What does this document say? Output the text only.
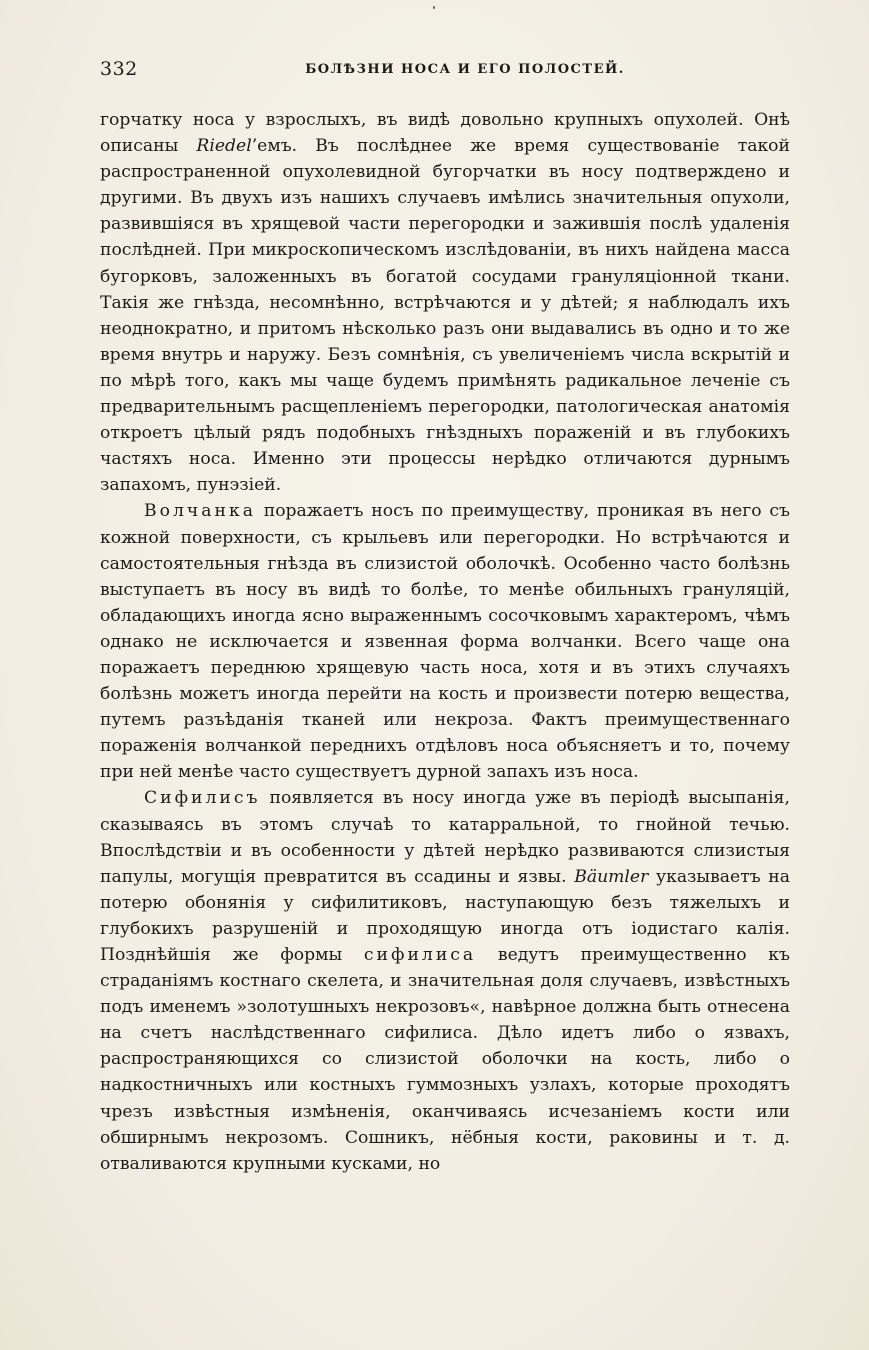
332	БОЛѢЗНИ НОСА И ЕГО ПОЛОСТЕЙ.

горчатку носа у взрослыхъ, въ видѣ довольно крупныхъ опухолей. Онѣ описаны Riedel’емъ. Въ послѣднее же время существованіе такой распространенной опухолевидной бугорчатки въ носу подтверждено и другими. Въ двухъ изъ нашихъ случаевъ имѣлись значительныя опухоли, развившіяся въ хрящевой части перегородки и зажившія послѣ удаленія послѣдней. При микроскопическомъ изслѣдованіи, въ нихъ найдена масса бугорковъ, заложенныхъ въ богатой сосудами грануляціонной ткани. Такія же гнѣзда, несомнѣнно, встрѣчаются и у дѣтей; я наблюдалъ ихъ неоднократно, и притомъ нѣсколько разъ они выдавались въ одно и то же время внутрь и наружу. Безъ сомнѣнія, съ увеличеніемъ числа вскрытій и по мѣрѣ того, какъ мы чаще будемъ примѣнять радикальное леченіе съ предварительнымъ расщепленіемъ перегородки, патологическая анатомія откроетъ цѣлый рядъ подобныхъ гнѣздныхъ пораженій и въ глубокихъ частяхъ носа. Именно эти процессы нерѣдко отличаются дурнымъ запахомъ, пунэзіей.

Волчанка поражаетъ носъ по преимуществу, проникая въ него съ кожной поверхности, съ крыльевъ или перегородки. Но встрѣчаются и самостоятельныя гнѣзда въ слизистой оболочкѣ. Особенно часто болѣзнь выступаетъ въ носу въ видѣ то болѣе, то менѣе обильныхъ грануляцій, обладающихъ иногда ясно выраженнымъ сосочковымъ характеромъ, чѣмъ однако не исключается и язвенная форма волчанки. Всего чаще она поражаетъ переднюю хрящевую часть носа, хотя и въ этихъ случаяхъ болѣзнь можетъ иногда перейти на кость и произвести потерю вещества, путемъ разъѣданія тканей или некроза. Фактъ преимущественнаго пораженія волчанкой переднихъ отдѣловъ носа объясняетъ и то, почему при ней менѣе часто существуетъ дурной запахъ изъ носа.

Сифилисъ появляется въ носу иногда уже въ періодѣ высыпанія, сказываясь въ этомъ случаѣ то катарральной, то гнойной течью. Впослѣдствіи и въ особенности у дѣтей нерѣдко развиваются слизистыя папулы, могущія превратится въ ссадины и язвы. Bäumler указываетъ на потерю обонянія у сифилитиковъ, наступающую безъ тяжелыхъ и глубокихъ разрушеній и проходящую иногда отъ іодистаго калія. Позднѣйшія же формы сифилиса ведутъ преимущественно къ страданіямъ костнаго скелета, и значительная доля случаевъ, извѣстныхъ подъ именемъ »золотушныхъ некрозовъ«, навѣрное должна быть отнесена на счетъ наслѣдственнаго сифилиса. Дѣло идетъ либо о язвахъ, распространяющихся со слизистой оболочки на кость, либо о надкостничныхъ или костныхъ гуммозныхъ узлахъ, которые проходятъ чрезъ извѣстныя измѣненія, оканчиваясь исчезаніемъ кости или обширнымъ некрозомъ. Сошникъ, нёбныя кости, раковины и т. д. отваливаются крупными кусками, но
